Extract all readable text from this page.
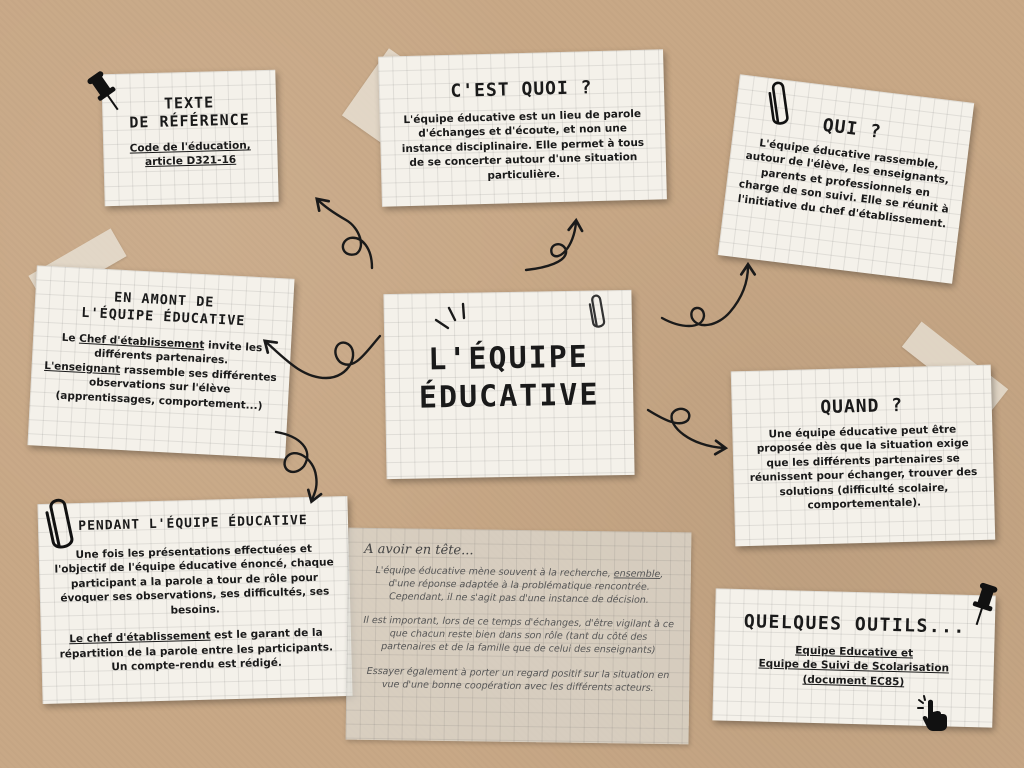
TEXTE
DE RÉFÉRENCE
Code de l'éducation,
article D321-16
C'EST QUOI ?
L'équipe éducative est un lieu de parole d'échanges et d'écoute, et non une instance disciplinaire. Elle permet à tous de se concerter autour d'une situation particulière.
QUI ?
L'équipe éducative rassemble, autour de l'élève, les enseignants, parents et professionnels en charge de son suivi. Elle se réunit à l'initiative du chef d'établissement.
EN AMONT DE
L'ÉQUIPE ÉDUCATIVE
Le Chef d'établissement invite les différents partenaires.
L'enseignant rassemble ses différentes observations sur l'élève (apprentissages, comportement...)
L'ÉQUIPE
ÉDUCATIVE	QUAND ?
Une équipe éducative peut être proposée dès que la situation exige que les différents partenaires se réunissent pour échanger, trouver des solutions (difficulté scolaire, comportementale).
PENDANT L'ÉQUIPE ÉDUCATIVE
Une fois les présentations effectuées et l'objectif de l'équipe éducative énoncé, chaque participant a la parole a tour de rôle pour évoquer ses observations, ses difficultés, ses besoins.
Le chef d'établissement est le garant de la répartition de la parole entre les participants. Un compte-rendu est rédigé.
A avoir en tête...
L'équipe éducative mène souvent à la recherche, ensemble, d'une réponse adaptée à la problématique rencontrée. Cependant, il ne s'agit pas d'une instance de décision.
Il est important, lors de ce temps d'échanges, d'être vigilant à ce que chacun reste bien dans son rôle (tant du côté des partenaires et de la famille que de celui des enseignants)
Essayer également à porter un regard positif sur la situation en vue d'une bonne coopération avec les différents acteurs.
QUELQUES OUTILS...
Equipe Educative et
Equipe de Suivi de Scolarisation
(document EC85)
